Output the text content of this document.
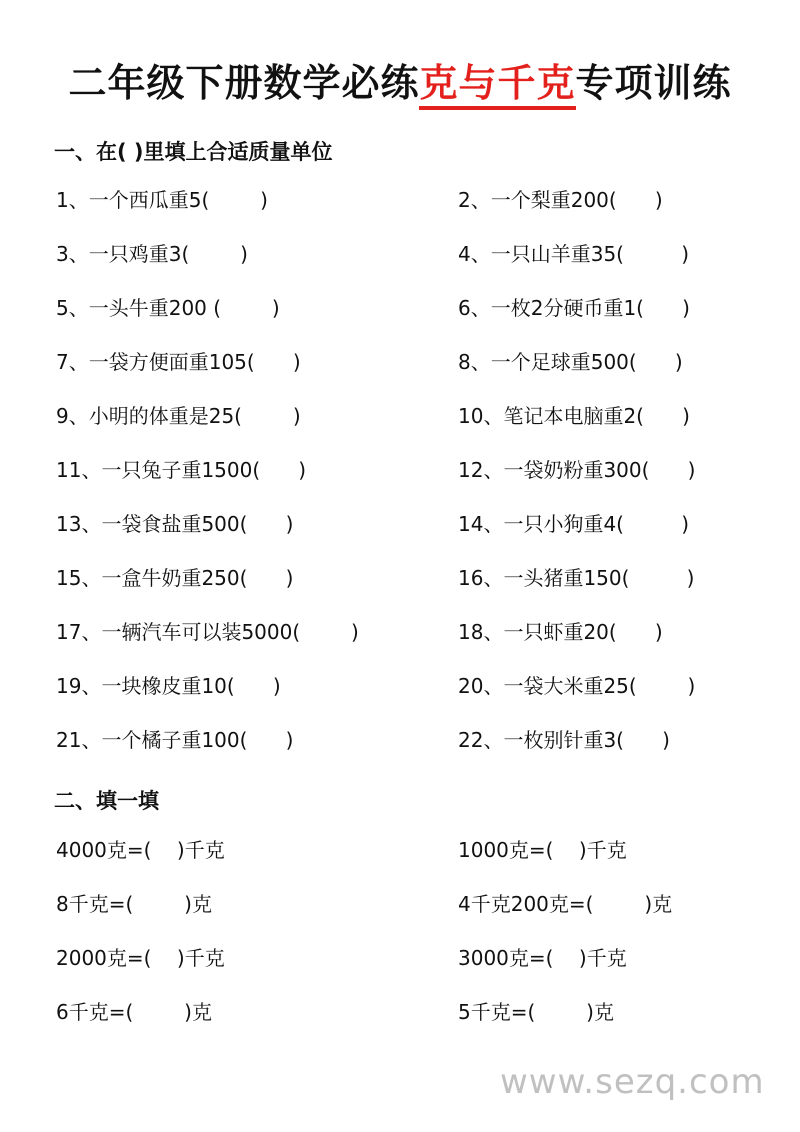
二年级下册数学必练克与千克专项训练
一、在( )里填上合适质量单位
1、一个西瓜重5(        )	2、一个梨重200(      )
3、一只鸡重3(        )	4、一只山羊重35(         )
5、一头牛重200 (        )	6、一枚2分硬币重1(      )
7、一袋方便面重105(      )	8、一个足球重500(      )
9、小明的体重是25(        )	10、笔记本电脑重2(      )
11、一只兔子重1500(      )	12、一袋奶粉重300(      )
13、一袋食盐重500(      )	14、一只小狗重4(         )
15、一盒牛奶重250(      )	16、一头猪重150(         )
17、一辆汽车可以装5000(        )	18、一只虾重20(      )
19、一块橡皮重10(      )	20、一袋大米重25(        )
21、一个橘子重100(      )	22、一枚别针重3(      )
二、填一填
4000克=(    )千克	1000克=(    )千克
8千克=(        )克	4千克200克=(        )克
2000克=(    )千克	3000克=(    )千克
6千克=(        )克	5千克=(        )克
www.sezq.com
